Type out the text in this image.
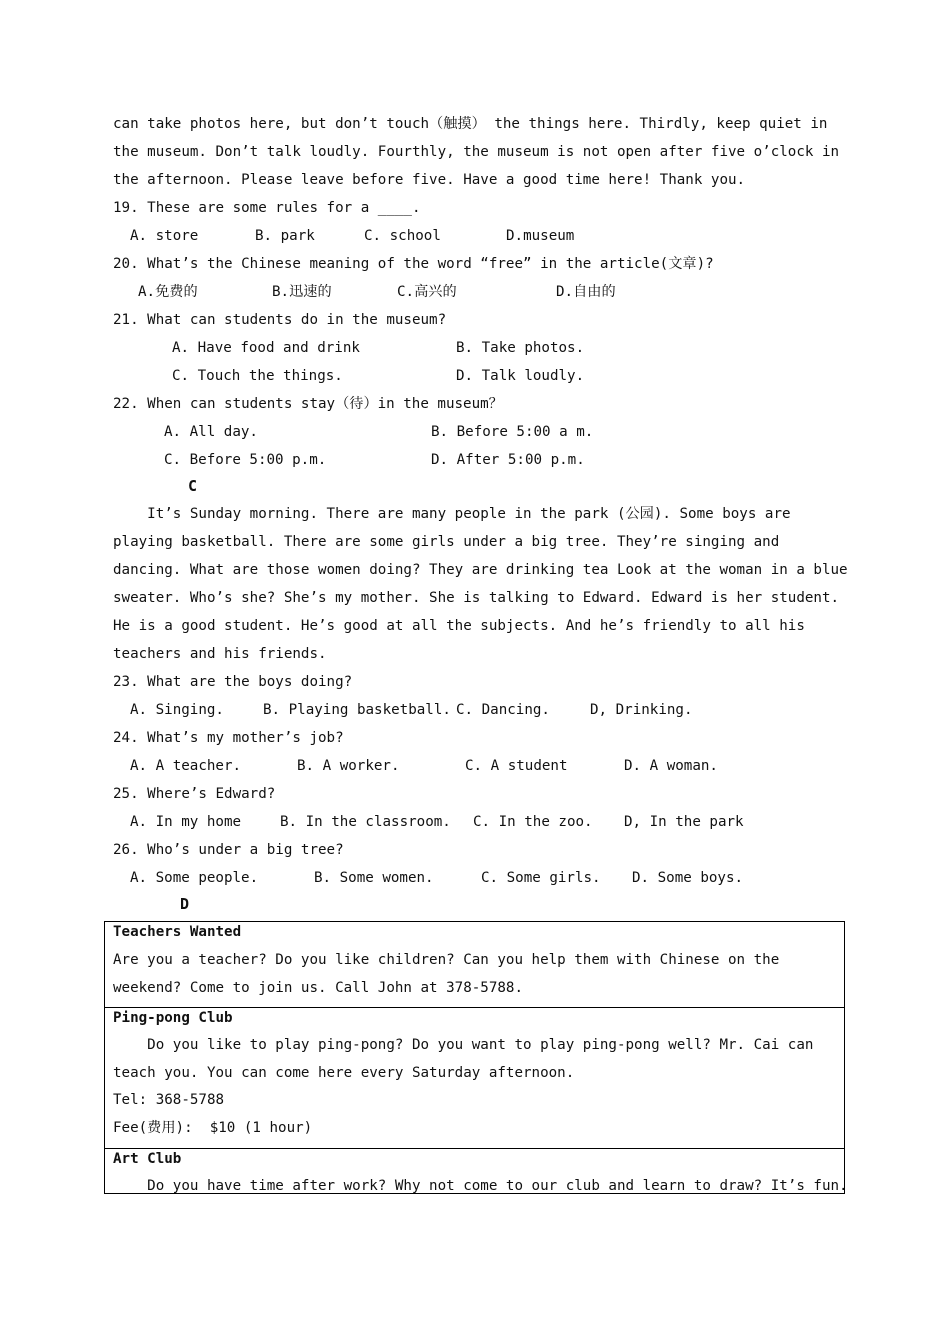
can take photos here, but don’t touch（触摸） the things here. Thirdly, keep quiet in
the museum. Don’t talk loudly. Fourthly, the museum is not open after five o’clock in
the afternoon. Please leave before five. Have a good time here! Thank you.
19. These are some rules for a ____.
A. store	B. park	C. school	D.museum
20. What’s the Chinese meaning of the word “free” in the article(文章)?
A.免费的	B.迅速的	C.高兴的	D.自由的
21. What can students do in the museum?
A. Have food and drink	B. Take photos.
C. Touch the things.	D. Talk loudly.
22. When can students stay（待）in the museum？
A. All day.	B. Before 5:00 a m.
C. Before 5:00 p.m.	D. After 5:00 p.m.
C
It’s Sunday morning. There are many people in the park (公园). Some boys are
playing basketball. There are some girls under a big tree. They’re singing and
dancing. What are those women doing? They are drinking tea Look at the woman in a blue
sweater. Who’s she? She’s my mother. She is talking to Edward. Edward is her student.
He is a good student. He’s good at all the subjects. And he’s friendly to all his
teachers and his friends.
23. What are the boys doing?
A. Singing.	B. Playing basketball. C. Dancing.	D, Drinking.
24. What’s my mother’s job?
A. A teacher.	B. A worker.	C. A student	D. A woman.
25. Where’s Edward?
A. In my home	B. In the classroom. C. In the zoo. D, In the park
26. Who’s under a big tree?
A. Some people.	B. Some women.	C. Some girls. D. Some boys.
D
Teachers Wanted
Are you a teacher? Do you like children? Can you help them with Chinese on the
weekend? Come to join us. Call John at 378-5788.
Ping-pong Club
Do you like to play ping-pong? Do you want to play ping-pong well? Mr. Cai can
teach you. You can come here every Saturday afternoon.
Tel: 368-5788
Fee(费用):  $10 (1 hour)
Art Club
Do you have time after work? Why not come to our club and learn to draw? It’s fun.
